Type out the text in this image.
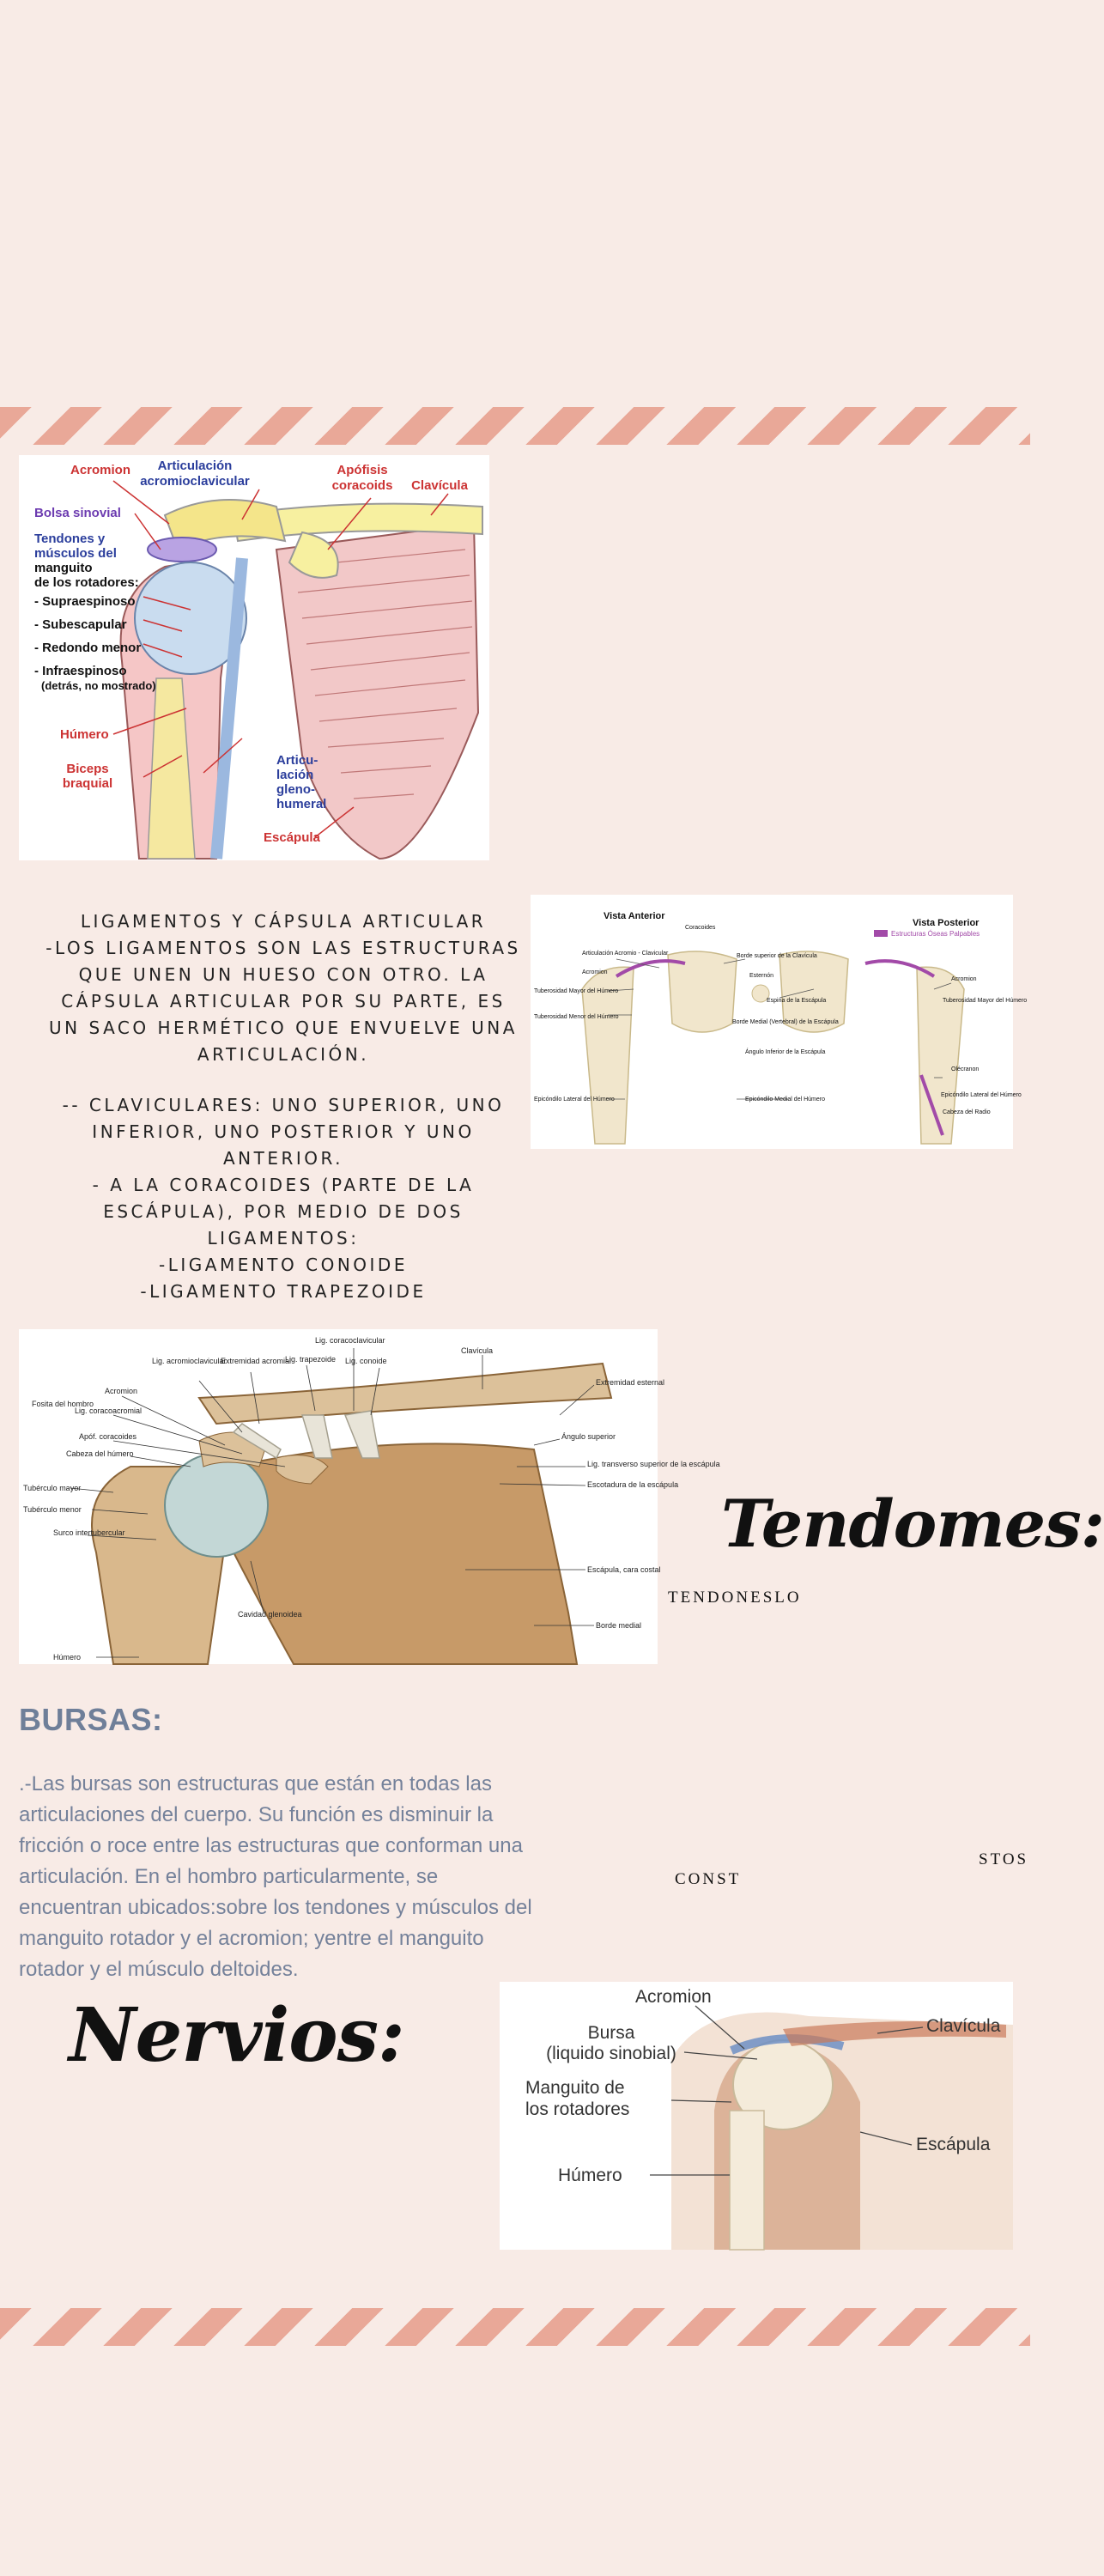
Acromion Articulación
acromioclavicular
Apófisis
coracoids Clavícula
Bolsa sinovial
Tendones y
músculos del
manguito
de los rotadores:
- Supraespinoso
- Subescapular
- Redondo menor
- Infraespinoso
(detrás, no mostrado)
Húmero
Biceps
braquial
Articu-
lación
gleno-
humeral
Escápula

LIGAMENTOS Y CÁPSULA ARTICULAR

-LOS LIGAMENTOS SON LAS ESTRUCTURAS QUE UNEN UN HUESO CON OTRO. LA CÁPSULA ARTICULAR POR SU PARTE, ES UN SACO HERMÉTICO QUE ENVUELVE UNA ARTICULACIÓN.

-- CLAVICULARES: UNO SUPERIOR, UNO INFERIOR, UNO POSTERIOR Y UNO ANTERIOR.

- A LA CORACOIDES (PARTE DE LA ESCÁPULA), POR MEDIO DE DOS LIGAMENTOS:

-LIGAMENTO CONOIDE

-LIGAMENTO TRAPEZOIDE

Vista Anterior
Vista Posterior
Estructuras Óseas Palpables
Articulación Acromio - Clavicular
Acromion
Tuberosidad Mayor del Húmero
Tuberosidad Menor del Húmero
Epicóndilo Lateral del Húmero
Coracoides
Borde superior de la Clavícula
Esternón
Espina de la Escápula
Borde Medial (Vertebral) de la Escápula
Ángulo Inferior de la Escápula
Epicóndilo Medial del Húmero
Acromion
Tuberosidad Mayor del Húmero
Olécranon
Epicóndilo Lateral del Húmero
Cabeza del Radio
Lig. acromioclavicular
Acromion
Lig. coracoacromial
Apóf. coracoides
Cabeza del húmero
Tubérculo mayor
Tubérculo menor
Surco intertubercular
Húmero
Fosita del hombro
Extremidad acromial
Lig. trapezoide
Lig. coracoclavicular
Lig. conoide
Clavícula
Extremidad esternal
Ángulo superior
Lig. transverso superior de la escápula
Escotadura de la escápula
Escápula, cara costal
Borde medial
Cavidad glenoidea
Tendomes:
TENDONESLO
STOS
CONST
BURSAS:
.-Las bursas son estructuras que están en todas las articulaciones del cuerpo. Su función es disminuir la fricción o roce entre las estructuras que conforman una articulación. En el hombro particularmente, se encuentran ubicados:sobre los tendones y músculos del manguito rotador y el acromion; yentre el manguito rotador y el músculo deltoides.
Nervios:	Acromion
Bursa
(liquido sinobial)
Manguito de
los rotadores
Húmero
Clavícula
Escápula
